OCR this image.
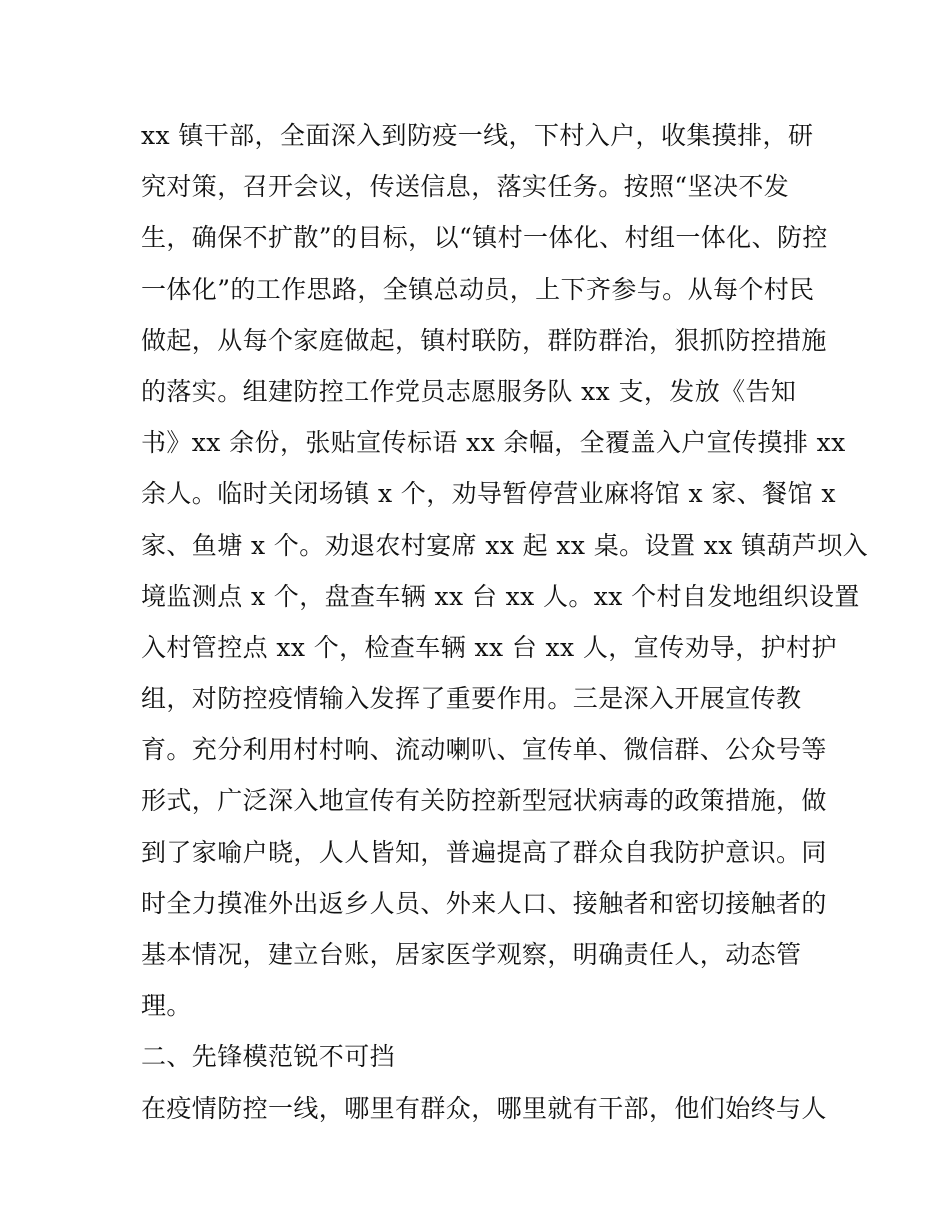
xx 镇干部，全面深入到防疫一线，下村入户，收集摸排，研
究对策，召开会议，传送信息，落实任务。按照“坚决不发
生，确保不扩散”的目标，以“镇村一体化、村组一体化、防控
一体化”的工作思路，全镇总动员，上下齐参与。从每个村民
做起，从每个家庭做起，镇村联防，群防群治，狠抓防控措施
的落实。组建防控工作党员志愿服务队 xx 支，发放《告知
书》xx 余份，张贴宣传标语 xx 余幅，全覆盖入户宣传摸排 xx
余人。临时关闭场镇 x 个，劝导暂停营业麻将馆 x 家、餐馆 x
家、鱼塘 x 个。劝退农村宴席 xx 起 xx 桌。设置 xx 镇葫芦坝入
境监测点 x 个，盘查车辆 xx 台 xx 人。xx 个村自发地组织设置
入村管控点 xx 个，检查车辆 xx 台 xx 人，宣传劝导，护村护
组，对防控疫情输入发挥了重要作用。三是深入开展宣传教
育。充分利用村村响、流动喇叭、宣传单、微信群、公众号等
形式，广泛深入地宣传有关防控新型冠状病毒的政策措施，做
到了家喻户晓，人人皆知，普遍提高了群众自我防护意识。同
时全力摸准外出返乡人员、外来人口、接触者和密切接触者的
基本情况，建立台账，居家医学观察，明确责任人，动态管
理。
二、先锋模范锐不可挡
在疫情防控一线，哪里有群众，哪里就有干部，他们始终与人
